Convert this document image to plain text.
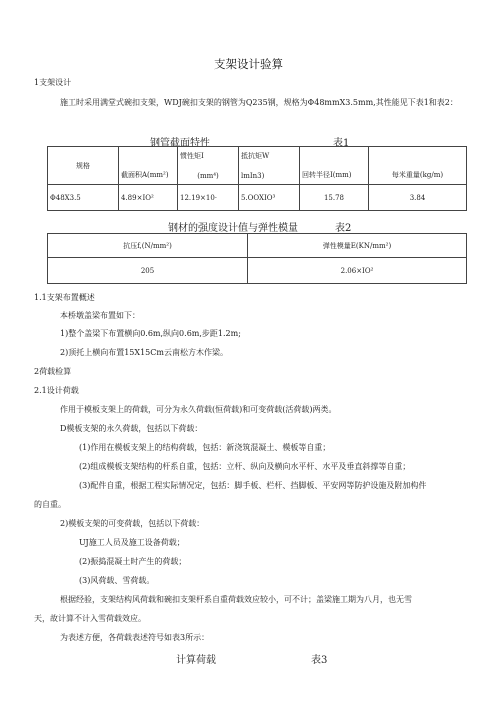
支架设计验算
1支架设计
施工时采用满堂式碗扣支架，WDJ碗扣支架的钢管为Q235钢，规格为Φ48mmX3.5mm,其性能见下表1和表2：
钢管截面特性	表1
规格	截面积A(mm²)	惯性矩I	抵抗矩W	回转半径I(mm)	每米重量(kg/m)
		(mm⁴)	lmIn3)		
Φ48X3.5	4.89×IO²	12.19×10⋅	5.OOXIO³	15.78	3.84
钢材的强度设计值与弹性模量	表2
抗压f,(N/mm²)	弹性模量E(KN/mm²)
205	2.06×IO²
1.1支架布置概述
本桥墩盖梁布置如下：
1)整个盖梁下布置横向0.6m,纵向0.6m,步距1.2m;
2)顶托上横向布置15X15Cm云南松方木作梁。
2荷载检算
2.1设计荷载
作用于模板支架上的荷载，可分为永久荷载(恒荷载)和可变荷载(活荷载)两类。
D模板支架的永久荷载，包括以下荷载：
(1)作用在模板支架上的结构荷载，包括：新浇筑混凝土、模板等自重；
(2)组成模板支架结构的杆系自重，包括：立杆、纵向及横向水平杆、水平及垂直斜撑等自重；
(3)配件自重，根据工程实际情况定，包括：脚手板、栏杆、挡脚板、平安网等防护设施及附加构件
的自重。
2)模板支架的可变荷载，包括以下荷载：
UJ施工人员及施工设备荷载；
(2)振捣混凝土时产生的荷载；
(3)风荷载、雪荷载。
根据经验，支架结构风荷载和碗扣支架杆系自重荷载效应较小，可不计；盖梁施工期为八月，也无雪
天，故计算不计入雪荷载效应。
为表述方便，各荷载表述符号如表3所示：
计算荷载	表3
